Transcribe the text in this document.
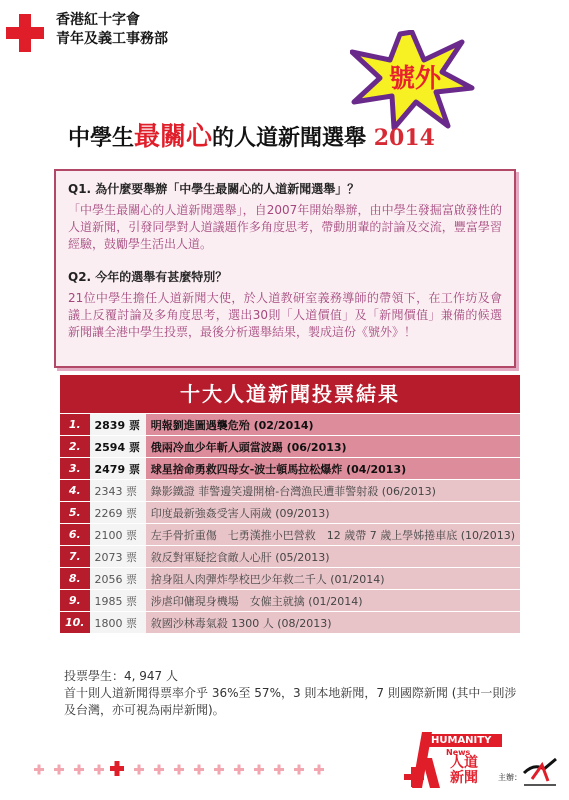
香港紅十字會
青年及義工事務部
號外
中學生最關心的人道新聞選舉 2014

Q1. 為什麼要舉辦「中學生最關心的人道新聞選舉」？

「中學生最關心的人道新聞選舉」，自2007年開始舉辦，由中學生發掘富啟發性的人道新聞，引發同學對人道議題作多角度思考，帶動朋輩的討論及交流，豐富學習經驗，鼓勵學生活出人道。

Q2. 今年的選舉有甚麼特別？

21位中學生擔任人道新聞大使，於人道教研室義務導師的帶領下，在工作坊及會議上反覆討論及多角度思考，選出30則「人道價值」及「新聞價值」兼備的候選新聞讓全港中學生投票，最後分析選舉結果，製成這份《號外》！

十大人道新聞投票結果
1.	2839 票	明報劉進圖遇襲危殆 (02/2014)
2.	2594 票	俄兩冷血少年斬人頭當波踢 (06/2013)
3.	2479 票	球星捨命勇救四母女-波士頓馬拉松爆炸 (04/2013)
4.	2343 票	錄影鐵證 菲警邊笑邊開槍-台灣漁民遭菲警射殺 (06/2013)
5.	2269 票	印度最新強姦受害人兩歲 (09/2013)
6.	2100 票	左手骨折重傷　七勇漢推小巴營救　12 歲帶 7 歲上學姊捲車底 (10/2013)
7.	2073 票	敘反對軍疑挖食敵人心肝 (05/2013)
8.	2056 票	捨身阻人肉彈炸學校巴少年救二千人 (01/2014)
9.	1985 票	涉虐印傭現身機場　女僱主就擒 (01/2014)
10.	1800 票	敘國沙林毒氣殺 1300 人 (08/2013)
投票學生：4, 947 人
首十則人道新聞得票率介乎 36%至 57%，3 則本地新聞，7 則國際新聞 (其中一則涉及台灣，亦可視為兩岸新聞)。
HUMANITY
News
人道新聞	主辦：
